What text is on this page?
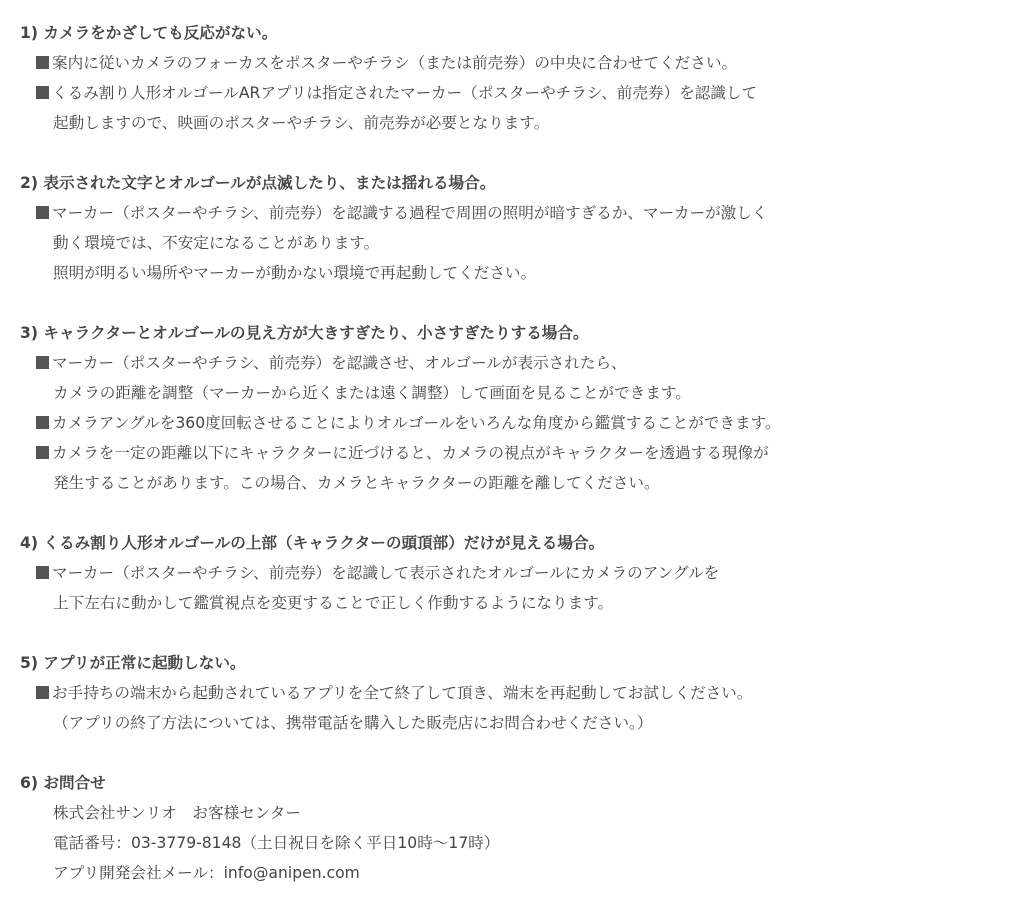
1) カメラをかざしても反応がない。
案内に従いカメラのフォーカスをポスターやチラシ（または前売券）の中央に合わせてください。
くるみ割り人形オルゴールARアプリは指定されたマーカー（ポスターやチラシ、前売券）を認識して
起動しますので、映画のポスターやチラシ、前売券が必要となります。
2) 表示された文字とオルゴールが点滅したり、または揺れる場合。
マーカー（ポスターやチラシ、前売券）を認識する過程で周囲の照明が暗すぎるか、マーカーが激しく
動く環境では、不安定になることがあります。
照明が明るい場所やマーカーが動かない環境で再起動してください。
3) キャラクターとオルゴールの見え方が大きすぎたり、小さすぎたりする場合。
マーカー（ポスターやチラシ、前売券）を認識させ、オルゴールが表示されたら、
カメラの距離を調整（マーカーから近くまたは遠く調整）して画面を見ることができます。
カメラアングルを360度回転させることによりオルゴールをいろんな角度から鑑賞することができます。
カメラを一定の距離以下にキャラクターに近づけると、カメラの視点がキャラクターを透過する現像が
発生することがあります。この場合、カメラとキャラクターの距離を離してください。
4) くるみ割り人形オルゴールの上部（キャラクターの頭頂部）だけが見える場合。
マーカー（ポスターやチラシ、前売券）を認識して表示されたオルゴールにカメラのアングルを
上下左右に動かして鑑賞視点を変更することで正しく作動するようになります。
5) アプリが正常に起動しない。
お手持ちの端末から起動されているアプリを全て終了して頂き、端末を再起動してお試しください。
（アプリの終了方法については、携帯電話を購入した販売店にお問合わせください。）
6) お問合せ
株式会社サンリオ　お客様センター
電話番号：03-3779-8148（土日祝日を除く平日10時〜17時）
アプリ開発会社メール：info@anipen.com
